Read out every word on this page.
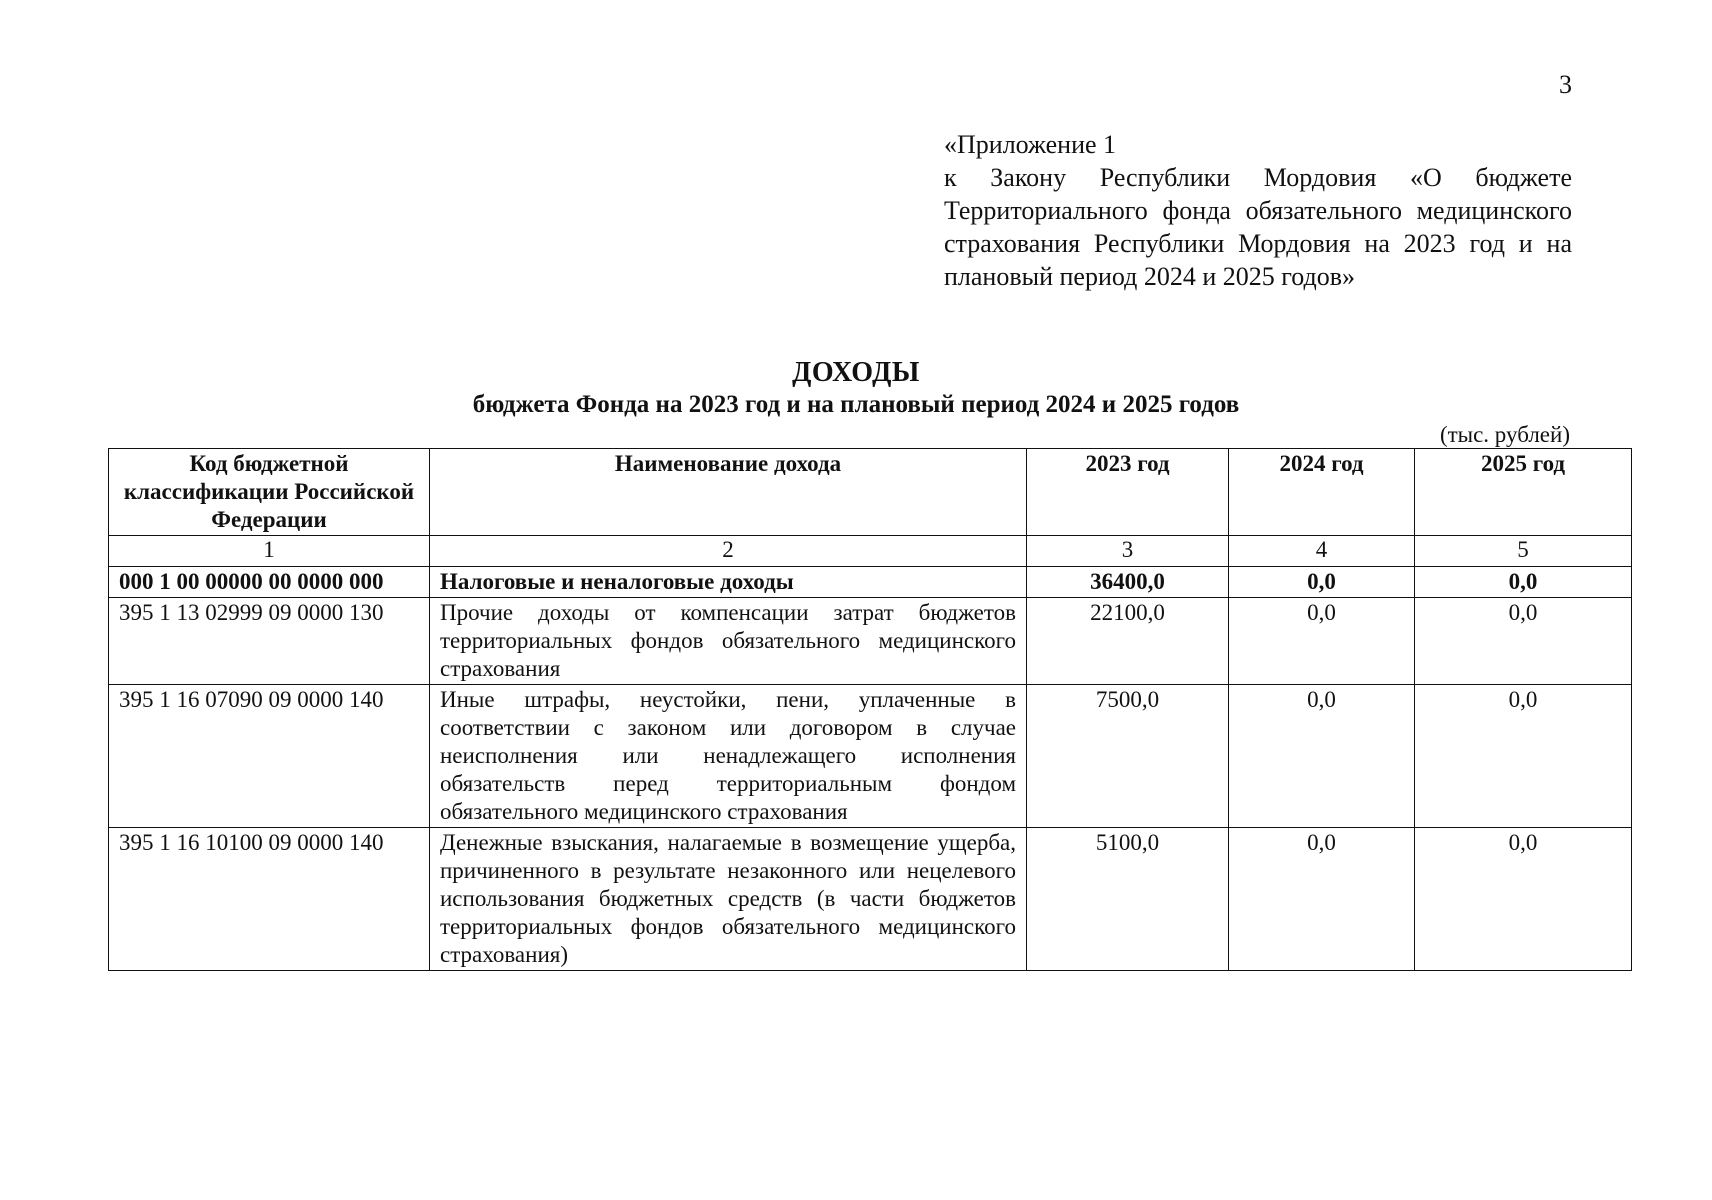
3
«Приложение 1
к Закону Республики Мордовия «О бюджете Территориального фонда обязательного медицинского страхования Республики Мордовия на 2023 год и на плановый период 2024 и 2025 годов»
ДОХОДЫ
бюджета Фонда на 2023 год и на плановый период 2024 и 2025 годов
(тыс. рублей)
Код бюджетной классификации Российской Федерации	Наименование дохода	2023 год	2024 год	2025 год
1	2	3	4	5
000 1 00 00000 00 0000 000	Налоговые и неналоговые доходы	36400,0	0,0	0,0
395 1 13 02999 09 0000 130	Прочие доходы от компенсации затрат бюджетов территориальных фондов обязательного медицинского страхования	22100,0	0,0	0,0
395 1 16 07090 09 0000 140	Иные штрафы, неустойки, пени, уплаченные в соответствии с законом или договором в случае неисполнения или ненадлежащего исполнения обязательств перед территориальным фондом обязательного медицинского страхования	7500,0	0,0	0,0
395 1 16 10100 09 0000 140	Денежные взыскания, налагаемые в возмещение ущерба, причиненного в результате незаконного или нецелевого использования бюджетных средств (в части бюджетов территориальных фондов обязательного медицинского страхования)	5100,0	0,0	0,0
